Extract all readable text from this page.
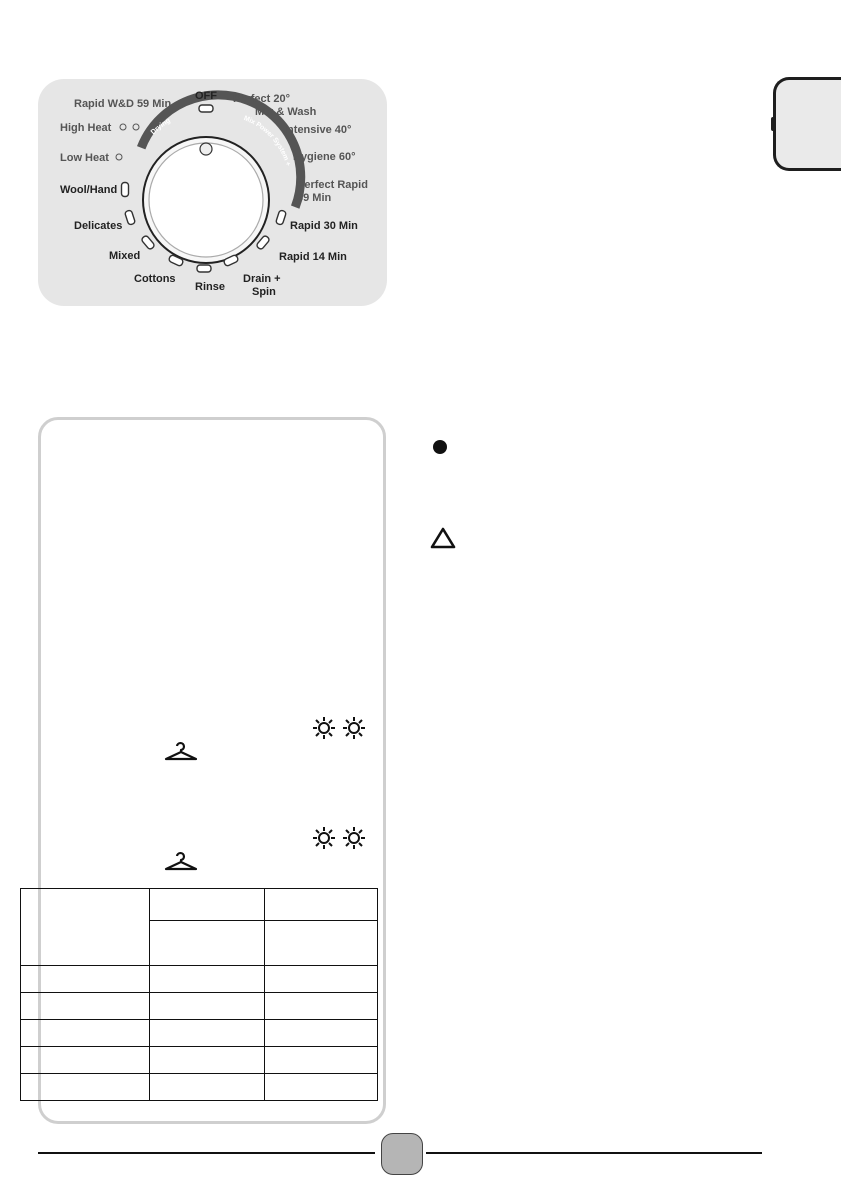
Drying	Mix Power System +
OFF
Rapid W&D 59 Min
High Heat
Low Heat
Wool/Hand
Delicates
Mixed
Cottons
Rinse
Drain +
Spin
Rapid 14 Min
Rapid 30 Min
Perfect Rapid
59 Min
Hygiene 60°
Intensive 40°
Mix & Wash
Perfect 20°
